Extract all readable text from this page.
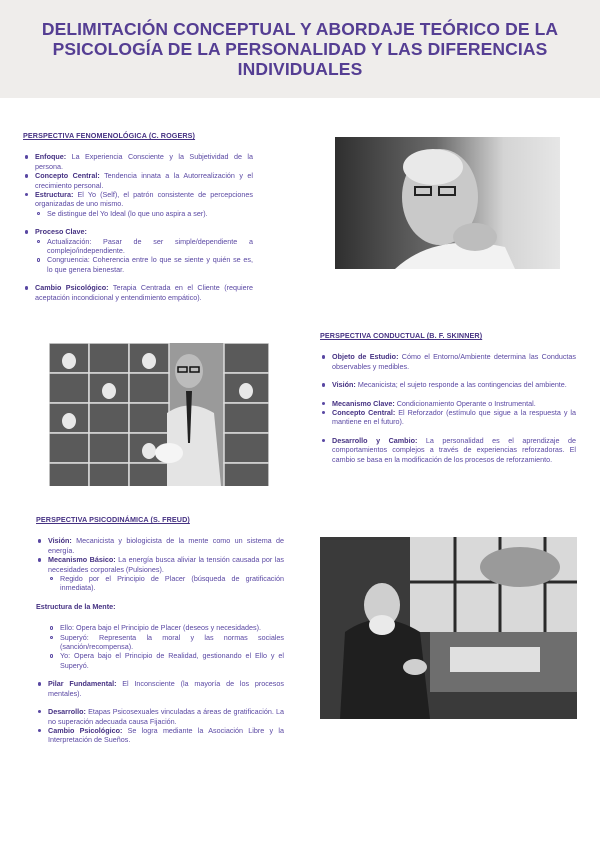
DELIMITACIÓN CONCEPTUAL Y ABORDAJE TEÓRICO DE LA PSICOLOGÍA DE LA PERSONALIDAD Y LAS DIFERENCIAS INDIVIDUALES
PERSPECTIVA FENOMENOLÓGICA (C. ROGERS)
Enfoque: La Experiencia Consciente y la Subjetividad de la persona.
Concepto Central: Tendencia innata a la Autorrealización y el crecimiento personal.
Estructura: El Yo (Self), el patrón consistente de percepciones organizadas de uno mismo.
Se distingue del Yo Ideal (lo que uno aspira a ser).
Proceso Clave:
Actualización: Pasar de ser simple/dependiente a complejo/independiente.
Congruencia: Coherencia entre lo que se siente y quién se es, lo que genera bienestar.
Cambio Psicológico: Terapia Centrada en el Cliente (requiere aceptación incondicional y entendimiento empático).
PERSPECTIVA CONDUCTUAL (B. F. SKINNER)
Objeto de Estudio: Cómo el Entorno/Ambiente determina las Conductas observables y medibles.
Visión: Mecanicista; el sujeto responde a las contingencias del ambiente.
Mecanismo Clave: Condicionamiento Operante o Instrumental.
Concepto Central: El Reforzador (estímulo que sigue a la respuesta y la mantiene en el futuro).
Desarrollo y Cambio: La personalidad es el aprendizaje de comportamientos complejos a través de experiencias reforzadoras. El cambio se basa en la modificación de los procesos de reforzamiento.
PERSPECTIVA PSICODINÁMICA (S. FREUD)
Visión: Mecanicista y biologicista de la mente como un sistema de energía.
Mecanismo Básico: La energía busca aliviar la tensión causada por las necesidades corporales (Pulsiones).
Regido por el Principio de Placer (búsqueda de gratificación inmediata).
Estructura de la Mente:
Ello: Opera bajo el Principio de Placer (deseos y necesidades).
Superyó: Representa la moral y las normas sociales (sanción/recompensa).
Yo: Opera bajo el Principio de Realidad, gestionando el Ello y el Superyó.
Pilar Fundamental: El Inconsciente (la mayoría de los procesos mentales).
Desarrollo: Etapas Psicosexuales vinculadas a áreas de gratificación. La no superación adecuada causa Fijación.
Cambio Psicológico: Se logra mediante la Asociación Libre y la Interpretación de Sueños.
